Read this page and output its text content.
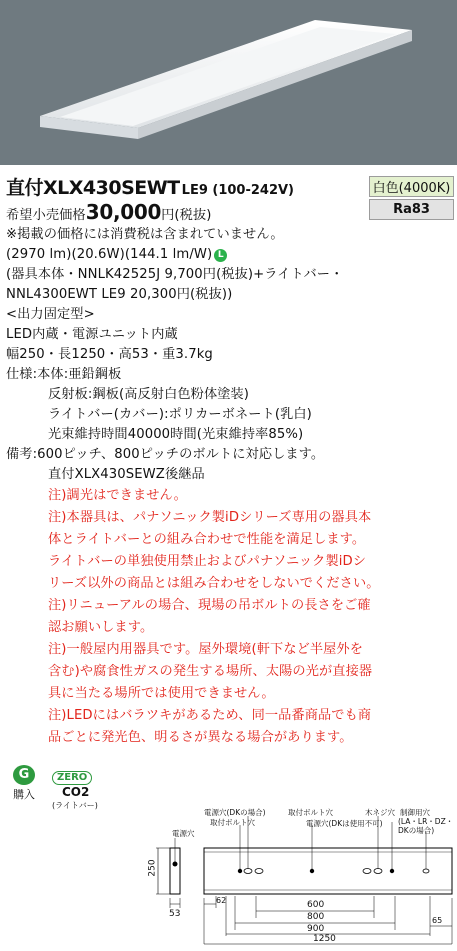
直付XLX430SEWT LE9 (100-242V)	白色(4000K)
Ra83
希望小売価格30,000円(税抜)
※掲載の価格には消費税は含まれていません。
(2970 lm)(20.6W)(144.1 lm/W) L
(器具本体・NNLK42525J 9,700円(税抜)+ライトバー・
NNL4300EWT LE9 20,300円(税抜))
<出力固定型>
LED内蔵・電源ユニット内蔵
幅250・長1250・高53・重3.7kg
仕様:本体:亜鉛鋼板
反射板:鋼板(高反射白色粉体塗装)
ライトバー(カバー):ポリカーボネート(乳白)
光束維持時間40000時間(光束維持率85%)
備考:600ピッチ、800ピッチのボルトに対応します。
直付XLX430SEWZ後継品
注)調光はできません。
注)本器具は、パナソニック製iDシリーズ専用の器具本
体とライトバーとの組み合わせで性能を満足します。
ライトバーの単独使用禁止およびパナソニック製iDシ
リーズ以外の商品とは組み合わせをしないでください。
注)リニューアルの場合、現場の吊ボルトの長さをご確
認お願いします。
注)一般屋内用器具です。屋外環境(軒下など半屋外を
含む)や腐食性ガスの発生する場所、太陽の光が直接器
具に当たる場所では使用できません。
注)LEDにはバラツキがあるため、同一品番商品でも商
品ごとに発光色、明るさが異なる場合があります。
G
購入
ZERO
CO2
(ライトバー)
電源穴
電源穴(DKの場合)
取付ボルト穴
取付ボルト穴
電源穴(DKは使用不可)
木ネジ穴 制御用穴
(LA・LR・DZ・DKの場合)
250
53
62	600
800
900
65
1250
